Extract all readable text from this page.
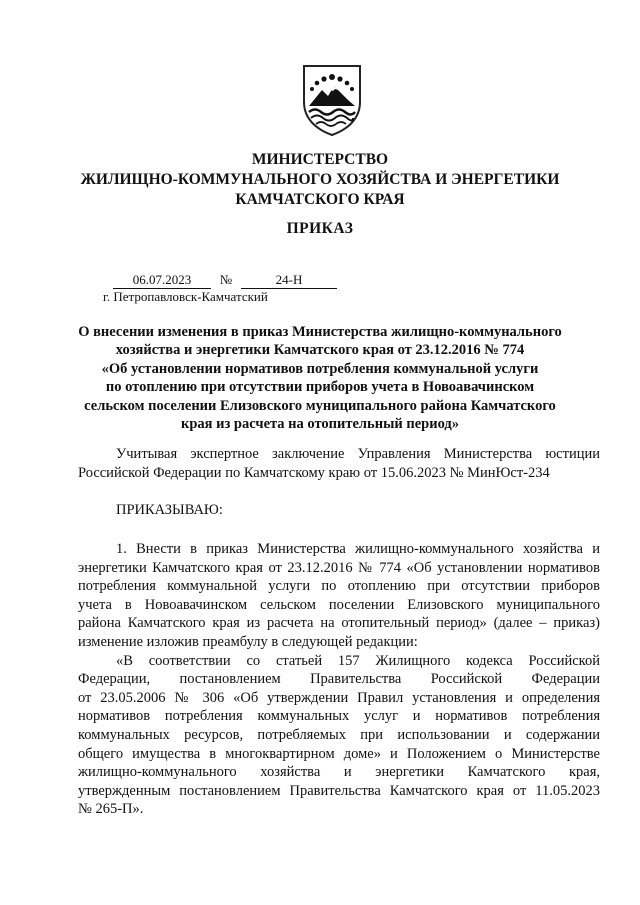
МИНИСТЕРСТВО
ЖИЛИЩНО-КОММУНАЛЬНОГО ХОЗЯЙСТВА И ЭНЕРГЕТИКИ
КАМЧАТСКОГО КРАЯ
ПРИКАЗ
06.07.2023 №	24-Н
г. Петропавловск-Камчатский
О внесении изменения в приказ Министерства жилищно-коммунального
хозяйства и энергетики Камчатского края от 23.12.2016 № 774
«Об установлении нормативов потребления коммунальной услуги
по отоплению при отсутствии приборов учета в Новоавачинском
сельском поселении Елизовского муниципального района Камчатского
края из расчета на отопительный период»
Учитывая экспертное заключение Управления Министерства юстиции
Российской Федерации по Камчатскому краю от 15.06.2023 № МинЮст-234
ПРИКАЗЫВАЮ:
1. Внести в приказ Министерства жилищно-коммунального хозяйства и
энергетики Камчатского края от 23.12.2016 № 774 «Об установлении нормативов
потребления коммунальной услуги по отоплению при отсутствии приборов
учета в Новоавачинском сельском поселении Елизовского муниципального
района Камчатского края из расчета на отопительный период» (далее – приказ)
изменение изложив преамбулу в следующей редакции:
«В соответствии со статьей 157 Жилищного кодекса Российской
Федерации, постановлением Правительства Российской Федерации
от 23.05.2006 № 306 «Об утверждении Правил установления и определения
нормативов потребления коммунальных услуг и нормативов потребления
коммунальных ресурсов, потребляемых при использовании и содержании
общего имущества в многоквартирном доме» и Положением о Министерстве
жилищно-коммунального хозяйства и энергетики Камчатского края,
утвержденным постановлением Правительства Камчатского края от 11.05.2023
№ 265-П».
